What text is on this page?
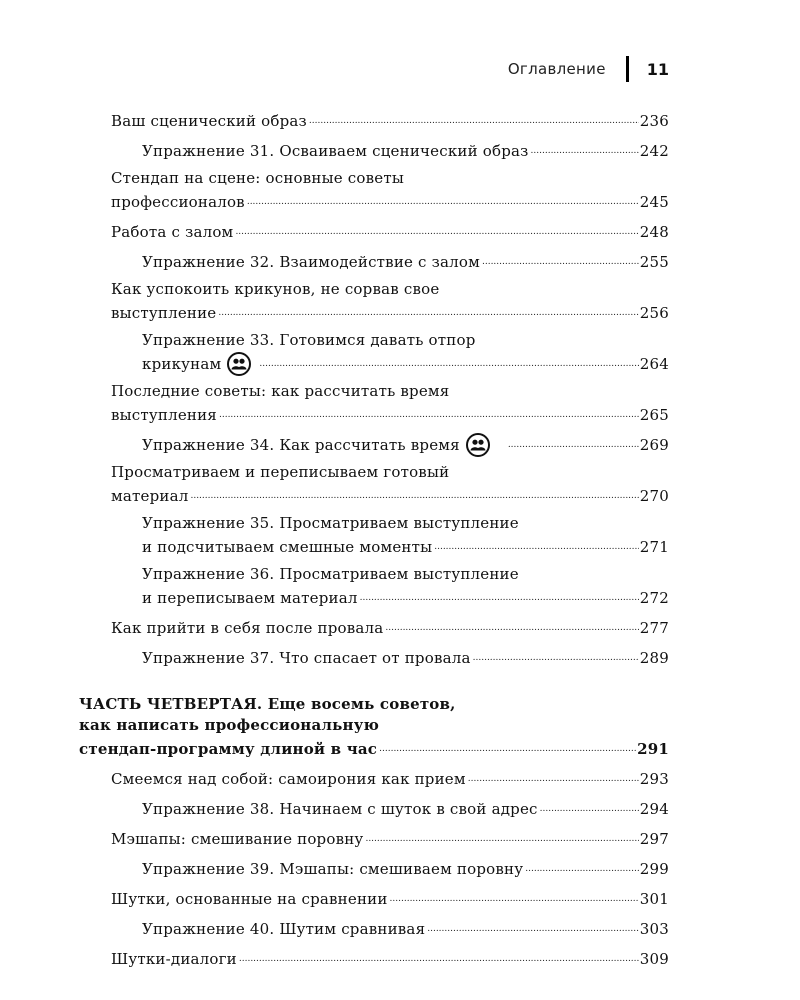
Оглавление	11
Ваш сценический образ .....	236
Упражнение 31. Осваиваем сценический образ .....	242
Стендап на сцене: основные советы
профессионалов .....	245
Работа с залом .....	248
Упражнение 32. Взаимодействие с залом .....	255
Как успокоить крикунов, не сорвав свое
выступление .....	256
Упражнение 33. Готовимся давать отпор
крикунам .....	264
Последние советы: как рассчитать время
выступления .....	265
Упражнение 34. Как рассчитать время .....	269
Просматриваем и переписываем готовый
материал .....	270
Упражнение 35. Просматриваем выступление
и подсчитываем смешные моменты .....	271
Упражнение 36. Просматриваем выступление
и переписываем материал .....	272
Как прийти в себя после провала .....	277
Упражнение 37. Что спасает от провала .....	289
ЧАСТЬ ЧЕТВЕРТАЯ. Еще восемь советов,
как написать профессиональную
стендап-программу длиной в час .....	291
Смеемся над собой: самоирония как прием .....	293
Упражнение 38. Начинаем с шуток в свой адрес .....	294
Мэшапы: смешивание поровну .....	297
Упражнение 39. Мэшапы: смешиваем поровну .....	299
Шутки, основанные на сравнении .....	301
Упражнение 40. Шутим сравнивая .....	303
Шутки-диалоги .....	309
